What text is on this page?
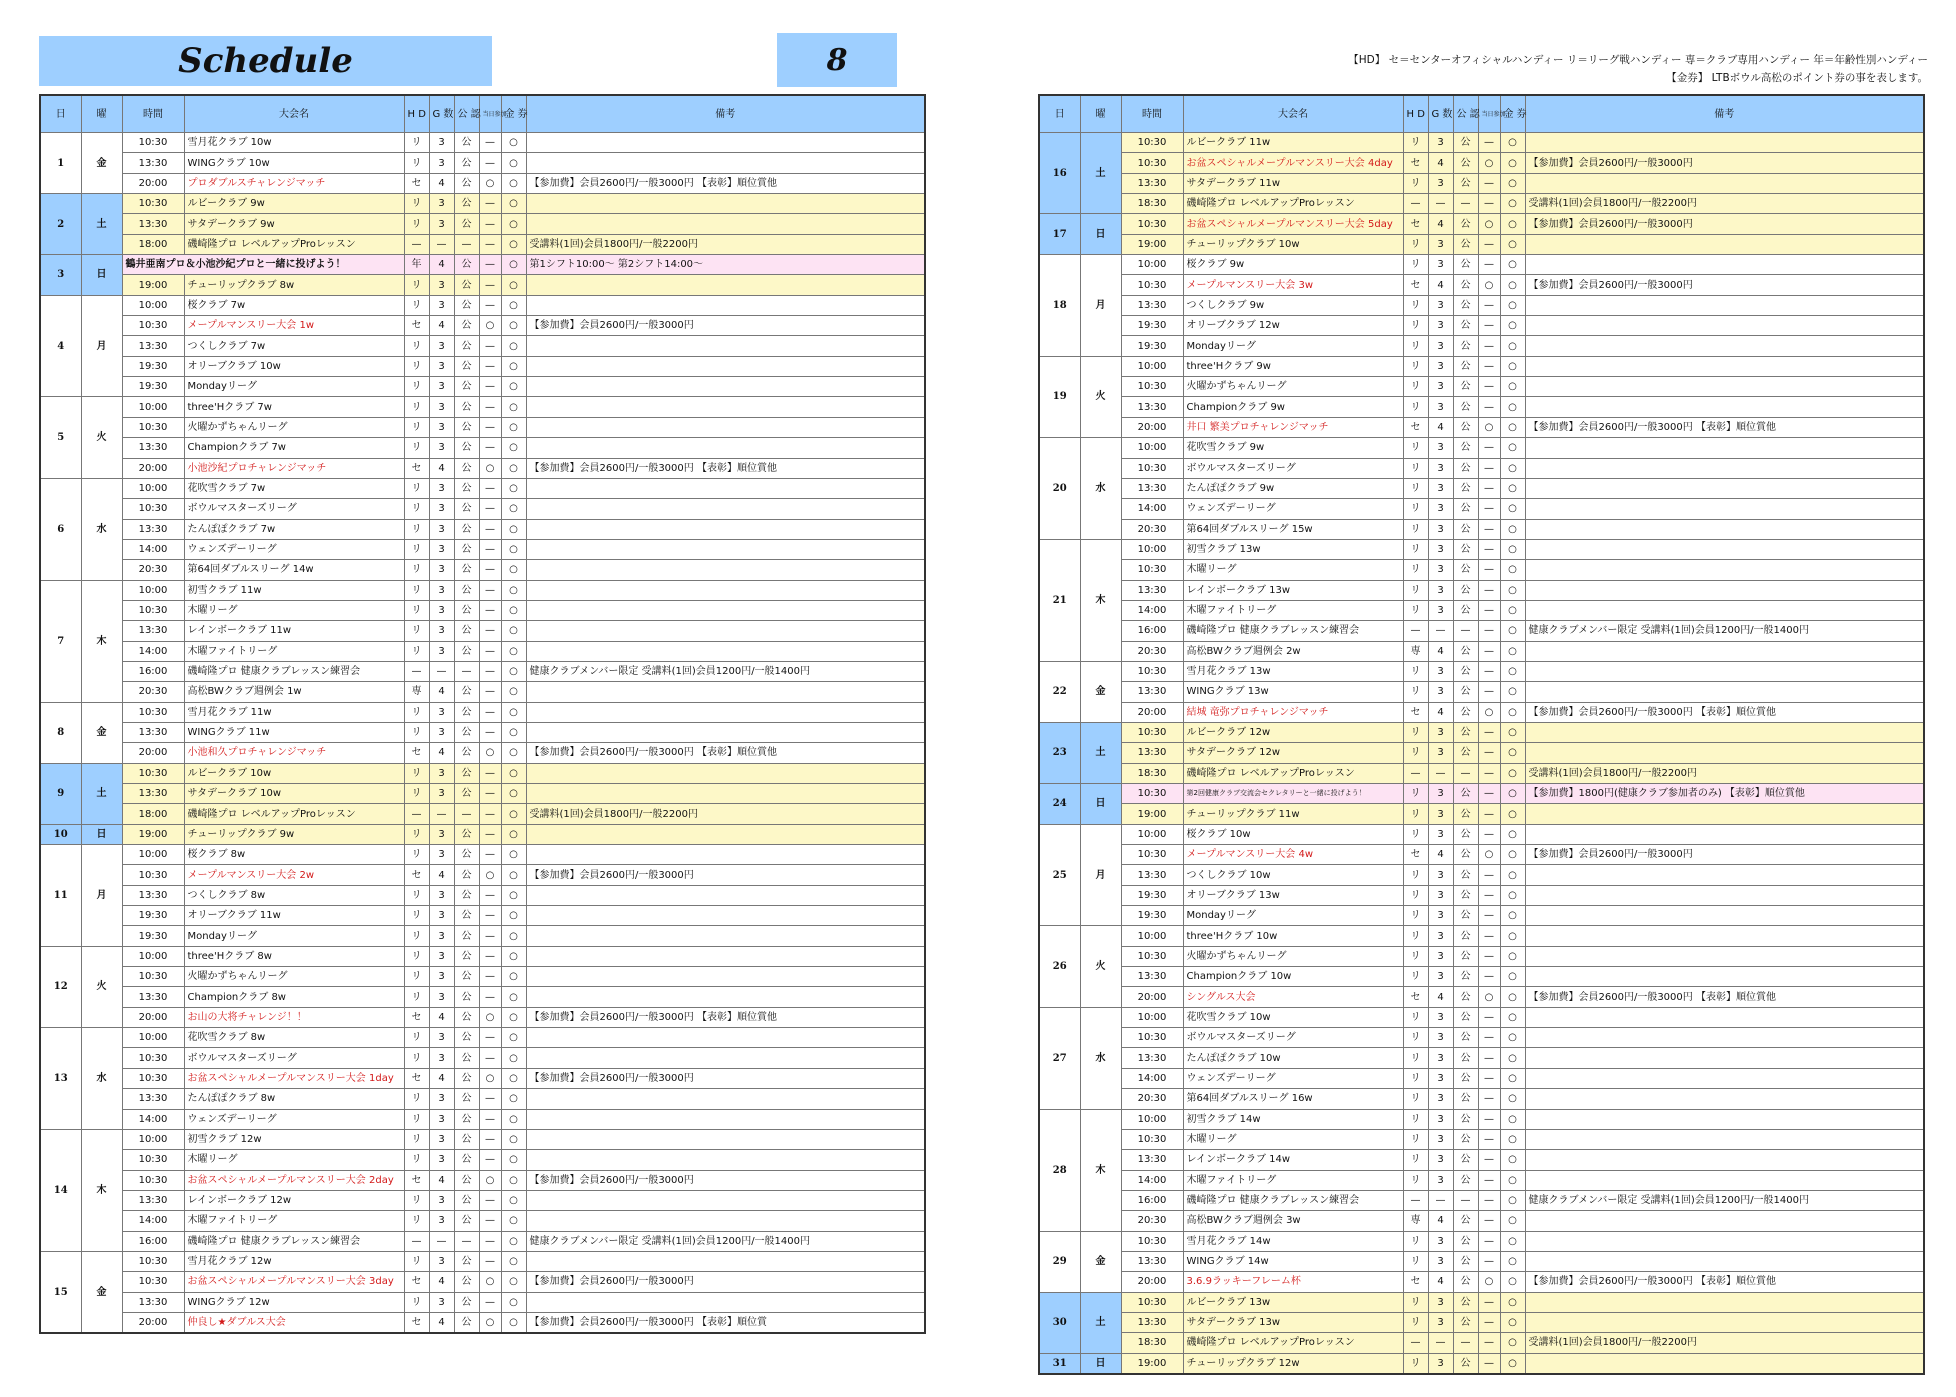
Schedule	8	【HD】 セ＝センターオフィシャルハンディー リ＝リーグ戦ハンディー 専＝クラブ専用ハンディー 年＝年齢性別ハンディー
【金券】 LTBボウル高松のポイント券の事を表します。
日	曜	時間	大会名	H D	G 数	公 認	当日参加	金 券	備考
1	金	10:30	雪月花クラブ 10w	リ	3	公	—	○	
		13:30	WINGクラブ 10w	リ	3	公	—	○	
		20:00	プロダブルスチャレンジマッチ	セ	4	公	○	○	【参加費】会員2600円/一般3000円 【表彰】順位賞他
2	土	10:30	ルビークラブ 9w	リ	3	公	—	○	
		13:30	サタデークラブ 9w	リ	3	公	—	○	
		18:00	磯崎隆プロ レベルアップProレッスン	—	—	—	—	○	受講料(1回)会員1800円/一般2200円
3	日	鶴井亜南プロ＆小池沙紀プロと一緒に投げよう！		年	4	公	—	○	第1シフト10:00～ 第2シフト14:00～
		19:00	チューリップクラブ 8w	リ	3	公	—	○	
4	月	10:00	桜クラブ 7w	リ	3	公	—	○	
		10:30	メープルマンスリー大会 1w	セ	4	公	○	○	【参加費】会員2600円/一般3000円
		13:30	つくしクラブ 7w	リ	3	公	—	○	
		19:30	オリーブクラブ 10w	リ	3	公	—	○	
		19:30	Mondayリーグ	リ	3	公	—	○	
5	火	10:00	three'Hクラブ 7w	リ	3	公	—	○	
		10:30	火曜かずちゃんリーグ	リ	3	公	—	○	
		13:30	Championクラブ 7w	リ	3	公	—	○	
		20:00	小池沙紀プロチャレンジマッチ	セ	4	公	○	○	【参加費】会員2600円/一般3000円 【表彰】順位賞他
6	水	10:00	花吹雪クラブ 7w	リ	3	公	—	○	
		10:30	ボウルマスターズリーグ	リ	3	公	—	○	
		13:30	たんぽぽクラブ 7w	リ	3	公	—	○	
		14:00	ウェンズデーリーグ	リ	3	公	—	○	
		20:30	第64回ダブルスリーグ 14w	リ	3	公	—	○	
7	木	10:00	初雪クラブ 11w	リ	3	公	—	○	
		10:30	木曜リーグ	リ	3	公	—	○	
		13:30	レインボークラブ 11w	リ	3	公	—	○	
		14:00	木曜ファイトリーグ	リ	3	公	—	○	
		16:00	磯崎隆プロ 健康クラブレッスン練習会	—	—	—	—	○	健康クラブメンバー限定 受講料(1回)会員1200円/一般1400円
		20:30	高松BWクラブ週例会 1w	専	4	公	—	○	
8	金	10:30	雪月花クラブ 11w	リ	3	公	—	○	
		13:30	WINGクラブ 11w	リ	3	公	—	○	
		20:00	小池和久プロチャレンジマッチ	セ	4	公	○	○	【参加費】会員2600円/一般3000円 【表彰】順位賞他
9	土	10:30	ルビークラブ 10w	リ	3	公	—	○	
		13:30	サタデークラブ 10w	リ	3	公	—	○	
		18:00	磯崎隆プロ レベルアップProレッスン	—	—	—	—	○	受講料(1回)会員1800円/一般2200円
10	日	19:00	チューリップクラブ 9w	リ	3	公	—	○	
11	月	10:00	桜クラブ 8w	リ	3	公	—	○	
		10:30	メープルマンスリー大会 2w	セ	4	公	○	○	【参加費】会員2600円/一般3000円
		13:30	つくしクラブ 8w	リ	3	公	—	○	
		19:30	オリーブクラブ 11w	リ	3	公	—	○	
		19:30	Mondayリーグ	リ	3	公	—	○	
12	火	10:00	three'Hクラブ 8w	リ	3	公	—	○	
		10:30	火曜かずちゃんリーグ	リ	3	公	—	○	
		13:30	Championクラブ 8w	リ	3	公	—	○	
		20:00	お山の大将チャレンジ！！	セ	4	公	○	○	【参加費】会員2600円/一般3000円 【表彰】順位賞他
13	水	10:00	花吹雪クラブ 8w	リ	3	公	—	○	
		10:30	ボウルマスターズリーグ	リ	3	公	—	○	
		10:30	お盆スペシャルメープルマンスリー大会 1day	セ	4	公	○	○	【参加費】会員2600円/一般3000円
		13:30	たんぽぽクラブ 8w	リ	3	公	—	○	
		14:00	ウェンズデーリーグ	リ	3	公	—	○	
14	木	10:00	初雪クラブ 12w	リ	3	公	—	○	
		10:30	木曜リーグ	リ	3	公	—	○	
		10:30	お盆スペシャルメープルマンスリー大会 2day	セ	4	公	○	○	【参加費】会員2600円/一般3000円
		13:30	レインボークラブ 12w	リ	3	公	—	○	
		14:00	木曜ファイトリーグ	リ	3	公	—	○	
		16:00	磯崎隆プロ 健康クラブレッスン練習会	—	—	—	—	○	健康クラブメンバー限定 受講料(1回)会員1200円/一般1400円
15	金	10:30	雪月花クラブ 12w	リ	3	公	—	○	
		10:30	お盆スペシャルメープルマンスリー大会 3day	セ	4	公	○	○	【参加費】会員2600円/一般3000円
		13:30	WINGクラブ 12w	リ	3	公	—	○	
		20:00	仲良し★ダブルス大会	セ	4	公	○	○	【参加費】会員2600円/一般3000円 【表彰】順位賞
日	曜	時間	大会名	H D	G 数	公 認	当日参加	金 券	備考
16	土	10:30	ルビークラブ 11w	リ	3	公	—	○	
		10:30	お盆スペシャルメープルマンスリー大会 4day	セ	4	公	○	○	【参加費】会員2600円/一般3000円
		13:30	サタデークラブ 11w	リ	3	公	—	○	
		18:30	磯崎隆プロ レベルアップProレッスン	—	—	—	—	○	受講料(1回)会員1800円/一般2200円
17	日	10:30	お盆スペシャルメープルマンスリー大会 5day	セ	4	公	○	○	【参加費】会員2600円/一般3000円
		19:00	チューリップクラブ 10w	リ	3	公	—	○	
18	月	10:00	桜クラブ 9w	リ	3	公	—	○	
		10:30	メープルマンスリー大会 3w	セ	4	公	○	○	【参加費】会員2600円/一般3000円
		13:30	つくしクラブ 9w	リ	3	公	—	○	
		19:30	オリーブクラブ 12w	リ	3	公	—	○	
		19:30	Mondayリーグ	リ	3	公	—	○	
19	火	10:00	three'Hクラブ 9w	リ	3	公	—	○	
		10:30	火曜かずちゃんリーグ	リ	3	公	—	○	
		13:30	Championクラブ 9w	リ	3	公	—	○	
		20:00	井口 繁美プロチャレンジマッチ	セ	4	公	○	○	【参加費】会員2600円/一般3000円 【表彰】順位賞他
20	水	10:00	花吹雪クラブ 9w	リ	3	公	—	○	
		10:30	ボウルマスターズリーグ	リ	3	公	—	○	
		13:30	たんぽぽクラブ 9w	リ	3	公	—	○	
		14:00	ウェンズデーリーグ	リ	3	公	—	○	
		20:30	第64回ダブルスリーグ 15w	リ	3	公	—	○	
21	木	10:00	初雪クラブ 13w	リ	3	公	—	○	
		10:30	木曜リーグ	リ	3	公	—	○	
		13:30	レインボークラブ 13w	リ	3	公	—	○	
		14:00	木曜ファイトリーグ	リ	3	公	—	○	
		16:00	磯崎隆プロ 健康クラブレッスン練習会	—	—	—	—	○	健康クラブメンバー限定 受講料(1回)会員1200円/一般1400円
		20:30	高松BWクラブ週例会 2w	専	4	公	—	○	
22	金	10:30	雪月花クラブ 13w	リ	3	公	—	○	
		13:30	WINGクラブ 13w	リ	3	公	—	○	
		20:00	結城 竜弥プロチャレンジマッチ	セ	4	公	○	○	【参加費】会員2600円/一般3000円 【表彰】順位賞他
23	土	10:30	ルビークラブ 12w	リ	3	公	—	○	
		13:30	サタデークラブ 12w	リ	3	公	—	○	
		18:30	磯崎隆プロ レベルアップProレッスン	—	—	—	—	○	受講料(1回)会員1800円/一般2200円
24	日	10:30	第2回健康クラブ交流会セクレタリーと一緒に投げよう！	リ	3	公	—	○	【参加費】1800円(健康クラブ参加者のみ) 【表彰】順位賞他
		19:00	チューリップクラブ 11w	リ	3	公	—	○	
25	月	10:00	桜クラブ 10w	リ	3	公	—	○	
		10:30	メープルマンスリー大会 4w	セ	4	公	○	○	【参加費】会員2600円/一般3000円
		13:30	つくしクラブ 10w	リ	3	公	—	○	
		19:30	オリーブクラブ 13w	リ	3	公	—	○	
		19:30	Mondayリーグ	リ	3	公	—	○	
26	火	10:00	three'Hクラブ 10w	リ	3	公	—	○	
		10:30	火曜かずちゃんリーグ	リ	3	公	—	○	
		13:30	Championクラブ 10w	リ	3	公	—	○	
		20:00	シングルス大会	セ	4	公	○	○	【参加費】会員2600円/一般3000円 【表彰】順位賞他
27	水	10:00	花吹雪クラブ 10w	リ	3	公	—	○	
		10:30	ボウルマスターズリーグ	リ	3	公	—	○	
		13:30	たんぽぽクラブ 10w	リ	3	公	—	○	
		14:00	ウェンズデーリーグ	リ	3	公	—	○	
		20:30	第64回ダブルスリーグ 16w	リ	3	公	—	○	
28	木	10:00	初雪クラブ 14w	リ	3	公	—	○	
		10:30	木曜リーグ	リ	3	公	—	○	
		13:30	レインボークラブ 14w	リ	3	公	—	○	
		14:00	木曜ファイトリーグ	リ	3	公	—	○	
		16:00	磯崎隆プロ 健康クラブレッスン練習会	—	—	—	—	○	健康クラブメンバー限定 受講料(1回)会員1200円/一般1400円
		20:30	高松BWクラブ週例会 3w	専	4	公	—	○	
29	金	10:30	雪月花クラブ 14w	リ	3	公	—	○	
		13:30	WINGクラブ 14w	リ	3	公	—	○	
		20:00	3.6.9ラッキーフレーム杯	セ	4	公	○	○	【参加費】会員2600円/一般3000円 【表彰】順位賞他
30	土	10:30	ルビークラブ 13w	リ	3	公	—	○	
		13:30	サタデークラブ 13w	リ	3	公	—	○	
		18:30	磯崎隆プロ レベルアップProレッスン	—	—	—	—	○	受講料(1回)会員1800円/一般2200円
31	日	19:00	チューリップクラブ 12w	リ	3	公	—	○	
